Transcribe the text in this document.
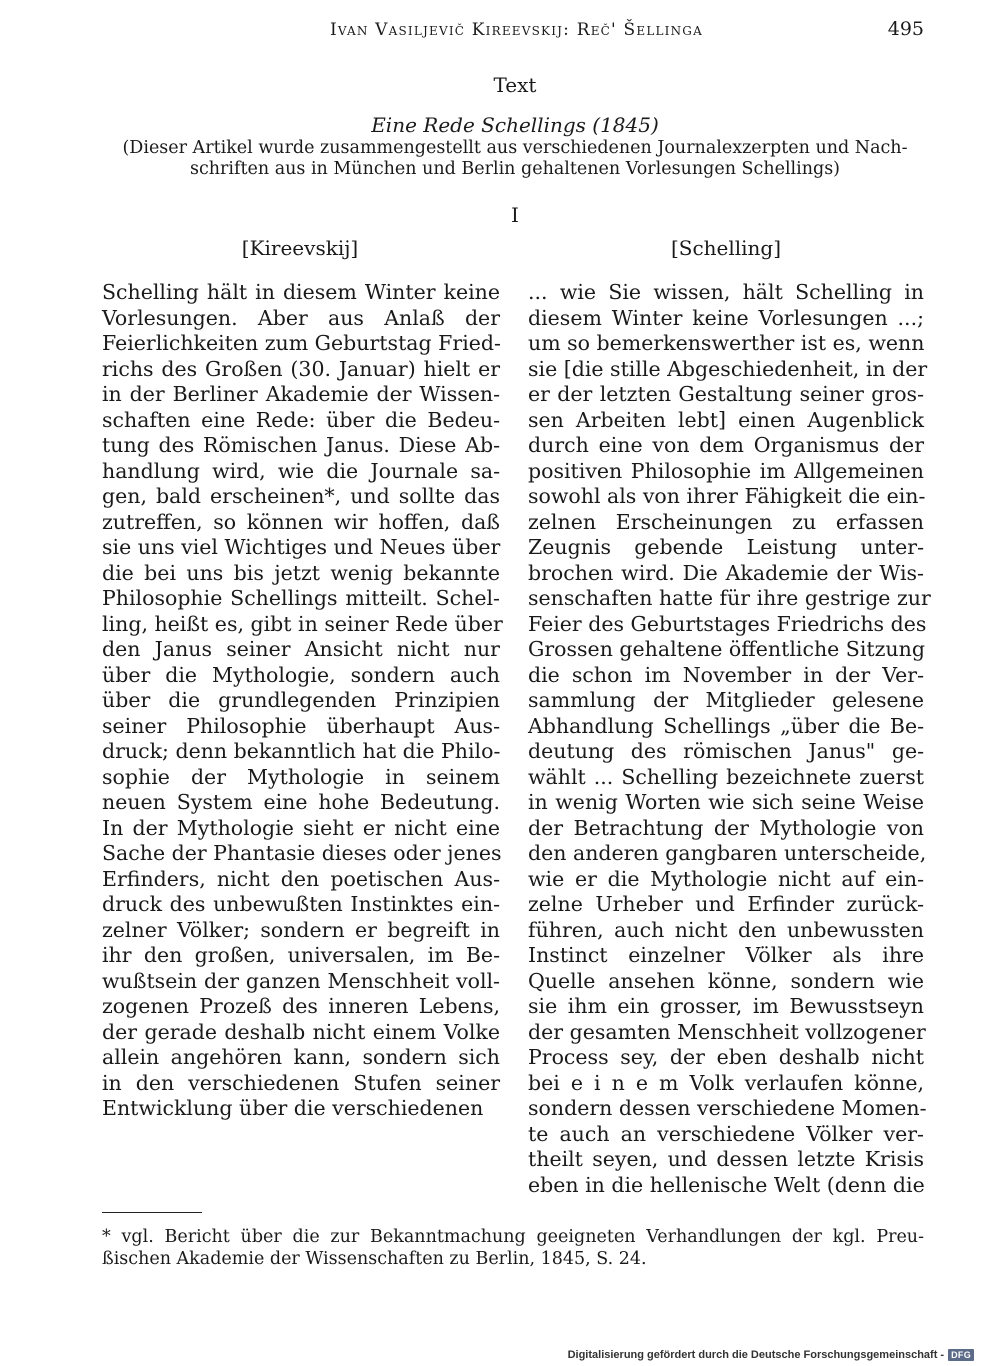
Ivan Vasiljevič Kireevskij: Reč' Šellinga	495
Text
Eine Rede Schellings (1845)
(Dieser Artikel wurde zusammengestellt aus verschiedenen Journalexzerpten und Nach-
schriften aus in München und Berlin gehaltenen Vorlesungen Schellings)
I
[Kireevskij]	[Schelling]
Schelling hält in diesem Winter keine
Vorlesungen. Aber aus Anlaß der
Feierlichkeiten zum Geburtstag Fried-
richs des Großen (30. Januar) hielt er
in der Berliner Akademie der Wissen-
schaften eine Rede: über die Bedeu-
tung des Römischen Janus. Diese Ab-
handlung wird, wie die Journale sa-
gen, bald erscheinen*, und sollte das
zutreffen, so können wir hoffen, daß
sie uns viel Wichtiges und Neues über
die bei uns bis jetzt wenig bekannte
Philosophie Schellings mitteilt. Schel-
ling, heißt es, gibt in seiner Rede über
den Janus seiner Ansicht nicht nur
über die Mythologie, sondern auch
über die grundlegenden Prinzipien
seiner Philosophie überhaupt Aus-
druck; denn bekanntlich hat die Philo-
sophie der Mythologie in seinem
neuen System eine hohe Bedeutung.
In der Mythologie sieht er nicht eine
Sache der Phantasie dieses oder jenes
Erfinders, nicht den poetischen Aus-
druck des unbewußten Instinktes ein-
zelner Völker; sondern er begreift in
ihr den großen, universalen, im Be-
wußtsein der ganzen Menschheit voll-
zogenen Prozeß des inneren Lebens,
der gerade deshalb nicht einem Volke
allein angehören kann, sondern sich
in den verschiedenen Stufen seiner
Entwicklung über die verschiedenen
... wie Sie wissen, hält Schelling in
diesem Winter keine Vorlesungen ...;
um so bemerkenswerther ist es, wenn
sie [die stille Abgeschiedenheit, in der
er der letzten Gestaltung seiner gros-
sen Arbeiten lebt] einen Augenblick
durch eine von dem Organismus der
positiven Philosophie im Allgemeinen
sowohl als von ihrer Fähigkeit die ein-
zelnen Erscheinungen zu erfassen
Zeugnis gebende Leistung unter-
brochen wird. Die Akademie der Wis-
senschaften hatte für ihre gestrige zur
Feier des Geburtstages Friedrichs des
Grossen gehaltene öffentliche Sitzung
die schon im November in der Ver-
sammlung der Mitglieder gelesene
Abhandlung Schellings „über die Be-
deutung des römischen Janus" ge-
wählt ... Schelling bezeichnete zuerst
in wenig Worten wie sich seine Weise
der Betrachtung der Mythologie von
den anderen gangbaren unterscheide,
wie er die Mythologie nicht auf ein-
zelne Urheber und Erfinder zurück-
führen, auch nicht den unbewussten
Instinct einzelner Völker als ihre
Quelle ansehen könne, sondern wie
sie ihm ein grosser, im Bewusstseyn
der gesamten Menschheit vollzogener
Process sey, der eben deshalb nicht
bei e i n e m Volk verlaufen könne,
sondern dessen verschiedene Momen-
te auch an verschiedene Völker ver-
theilt seyen, und dessen letzte Krisis
eben in die hellenische Welt (denn die
* vgl. Bericht über die zur Bekanntmachung geeigneten Verhandlungen der kgl. Preu-
ßischen Akademie der Wissenschaften zu Berlin, 1845, S. 24.
Digitalisierung gefördert durch die Deutsche Forschungsgemeinschaft - DFG
